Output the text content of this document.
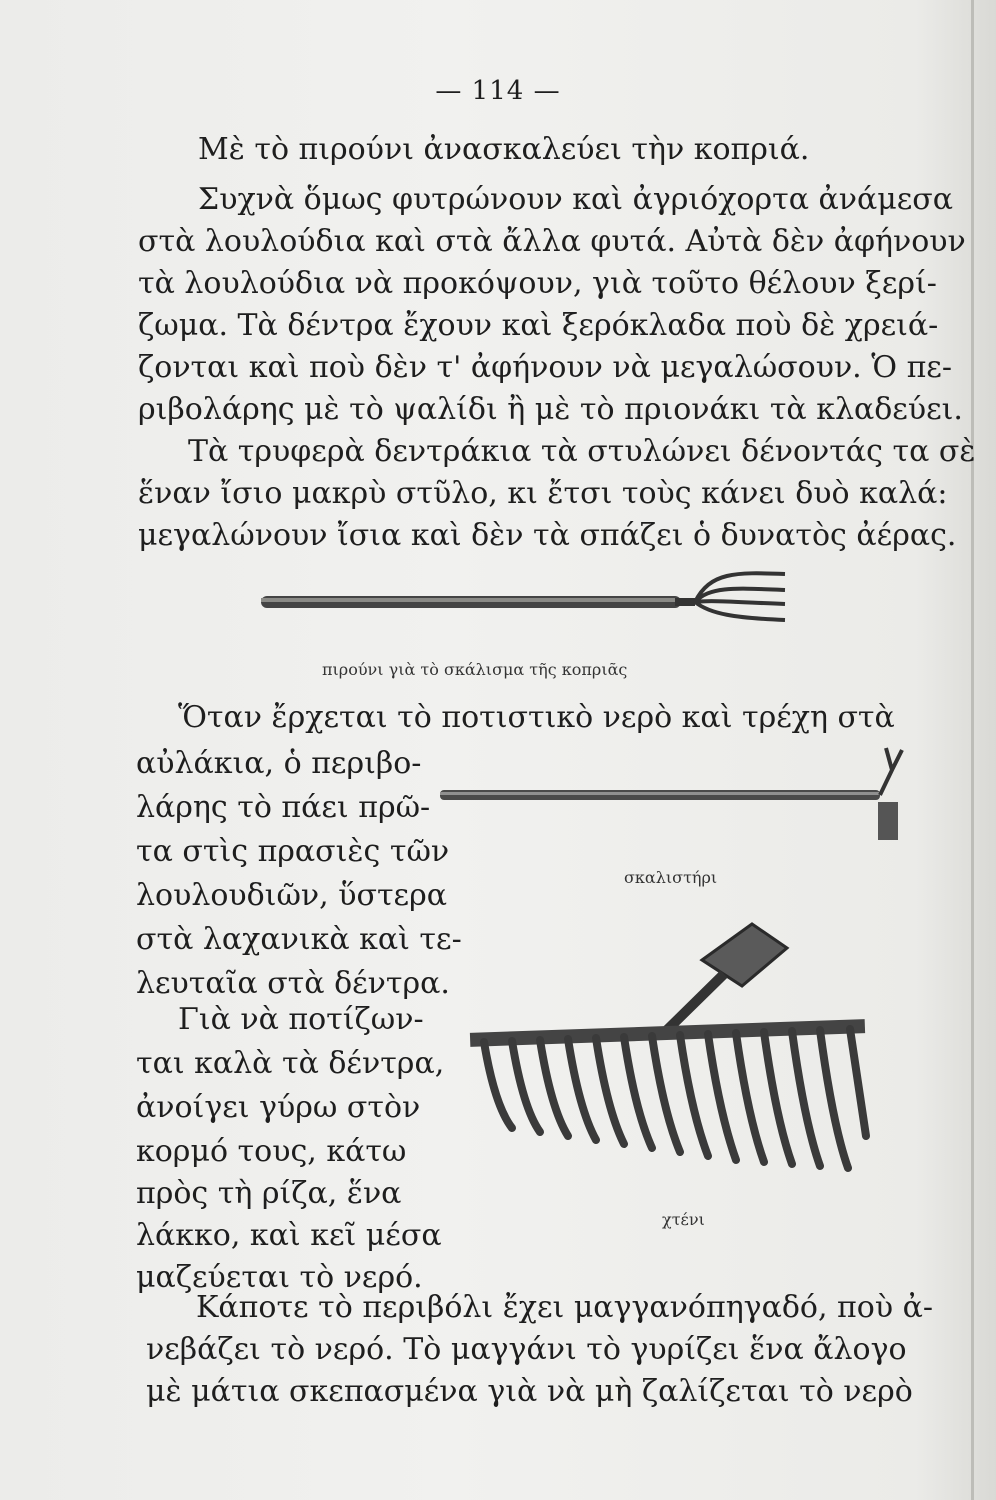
— 114 —
Μὲ τὸ πιρούνι ἀνασκαλεύει τὴν κοπριά.
Συχνὰ ὅμως φυτρώνουν καὶ ἀγριόχορτα ἀνάμεσα
στὰ λουλούδια καὶ στὰ ἄλλα φυτά. Αὐτὰ δὲν ἀφήνουν
τὰ λουλούδια νὰ προκόψουν, γιὰ τοῦτο θέλουν ξερί-
ζωμα. Τὰ δέντρα ἔχουν καὶ ξερόκλαδα ποὺ δὲ χρειά-
ζονται καὶ ποὺ δὲν τ' ἀφήνουν νὰ μεγαλώσουν. Ὁ πε-
ριβολάρης μὲ τὸ ψαλίδι ἢ μὲ τὸ πριονάκι τὰ κλαδεύει.
Τὰ τρυφερὰ δεντράκια τὰ στυλώνει δένοντάς τα σὲ
ἕναν ἴσιο μακρὺ στῦλο, κι ἔτσι τοὺς κάνει δυὸ καλά:
μεγαλώνουν ἴσια καὶ δὲν τὰ σπάζει ὁ δυνατὸς ἀέρας.
πιρούνι γιὰ τὸ σκάλισμα τῆς κοπριᾶς
Ὅταν ἔρχεται τὸ ποτιστικὸ νερὸ καὶ τρέχη στὰ
αὐλάκια, ὁ περιβο-
λάρης τὸ πάει πρῶ-
τα στὶς πρασιὲς τῶν
λουλουδιῶν, ὕστερα
στὰ λαχανικὰ καὶ τε-
λευταῖα στὰ δέντρα.
σκαλιστήρι
Γιὰ νὰ ποτίζων-
ται καλὰ τὰ δέντρα,
ἀνοίγει γύρω στὸν
κορμό τους, κάτω
πρὸς τὴ ρίζα, ἕνα
λάκκο, καὶ κεῖ μέσα
μαζεύεται τὸ νερό.
χτένι
Κάποτε τὸ περιβόλι ἔχει μαγγανόπηγαδό, ποὺ ἀ-
νεβάζει τὸ νερό. Τὸ μαγγάνι τὸ γυρίζει ἕνα ἄλογο
μὲ μάτια σκεπασμένα γιὰ νὰ μὴ ζαλίζεται τὸ νερὸ
